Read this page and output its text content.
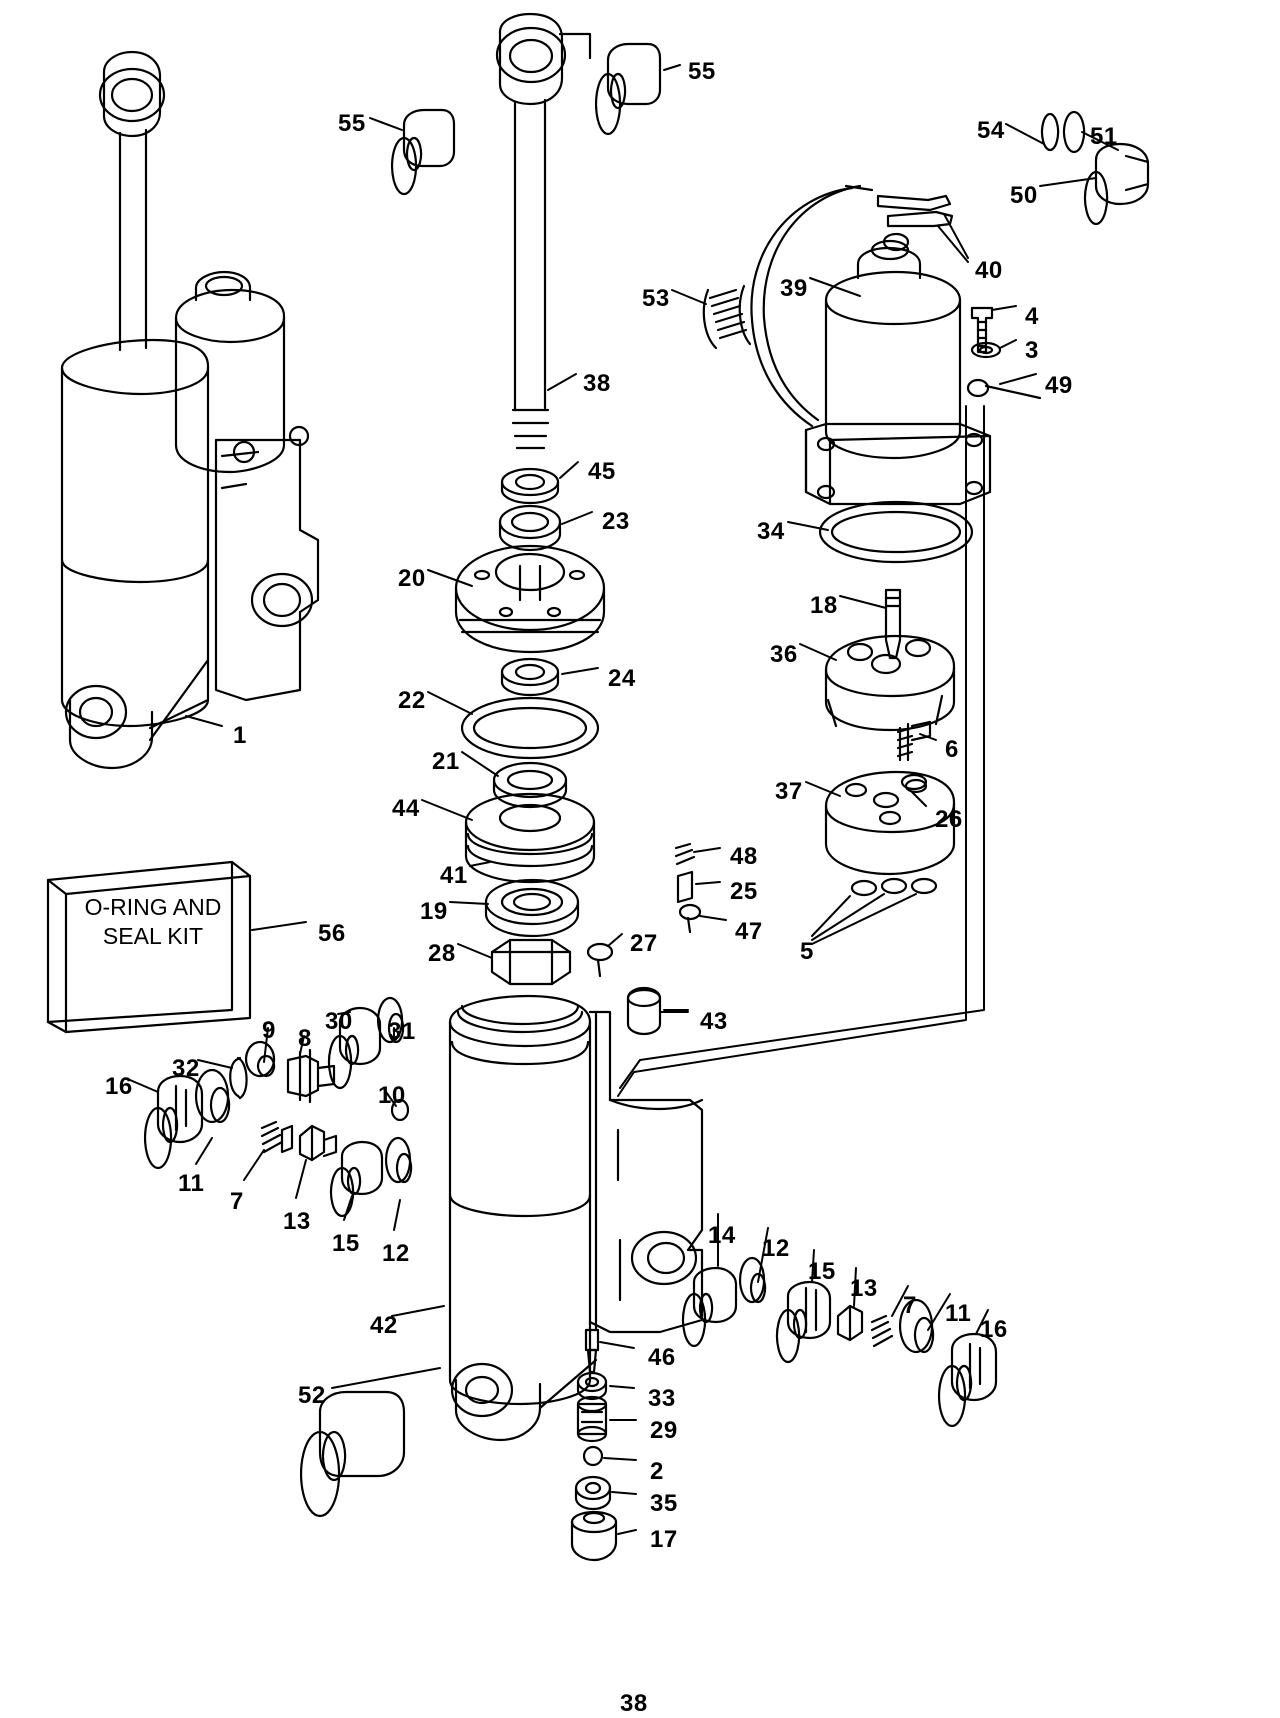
O-RING AND
SEAL KIT
55
55	54	51
50
40
39
53
4
3
38	49
45
23	34
20
18
36
24
22
6
21
37
44	26
41
48
25
19
47
5
28	27
56
43
30 31
9 8
32
10
16
11
7
13
15 12
14 12
15
13
7 11
16
42
46
33
52
29
2
35
17
1
38
